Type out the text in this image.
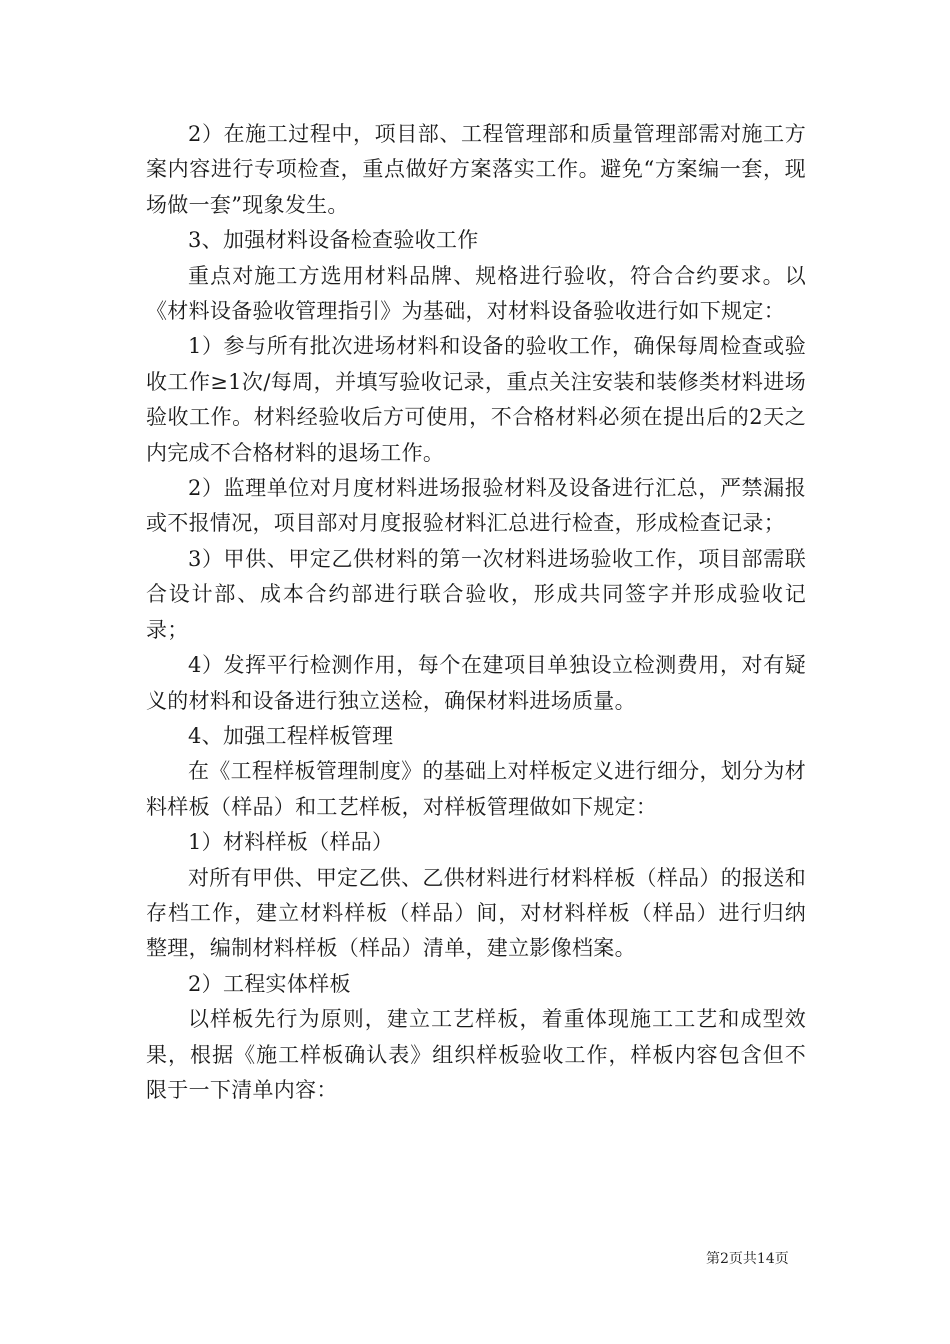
2）在施工过程中，项目部、工程管理部和质量管理部需对施工方案内容进行专项检查，重点做好方案落实工作。避免“方案编一套，现场做一套”现象发生。

3、加强材料设备检查验收工作

重点对施工方选用材料品牌、规格进行验收，符合合约要求。以《材料设备验收管理指引》为基础，对材料设备验收进行如下规定：

1）参与所有批次进场材料和设备的验收工作，确保每周检查或验收工作≥1次/每周，并填写验收记录，重点关注安装和装修类材料进场验收工作。材料经验收后方可使用，不合格材料必须在提出后的2天之内完成不合格材料的退场工作。

2）监理单位对月度材料进场报验材料及设备进行汇总，严禁漏报或不报情况，项目部对月度报验材料汇总进行检查，形成检查记录；

3）甲供、甲定乙供材料的第一次材料进场验收工作，项目部需联合设计部、成本合约部进行联合验收，形成共同签字并形成验收记录；

4）发挥平行检测作用，每个在建项目单独设立检测费用，对有疑义的材料和设备进行独立送检，确保材料进场质量。

4、加强工程样板管理

在《工程样板管理制度》的基础上对样板定义进行细分，划分为材料样板（样品）和工艺样板，对样板管理做如下规定：

1）材料样板（样品）

对所有甲供、甲定乙供、乙供材料进行材料样板（样品）的报送和存档工作，建立材料样板（样品）间，对材料样板（样品）进行归纳整理，编制材料样板（样品）清单，建立影像档案。

2）工程实体样板

以样板先行为原则，建立工艺样板，着重体现施工工艺和成型效果，根据《施工样板确认表》组织样板验收工作，样板内容包含但不限于一下清单内容：

第2页共14页
